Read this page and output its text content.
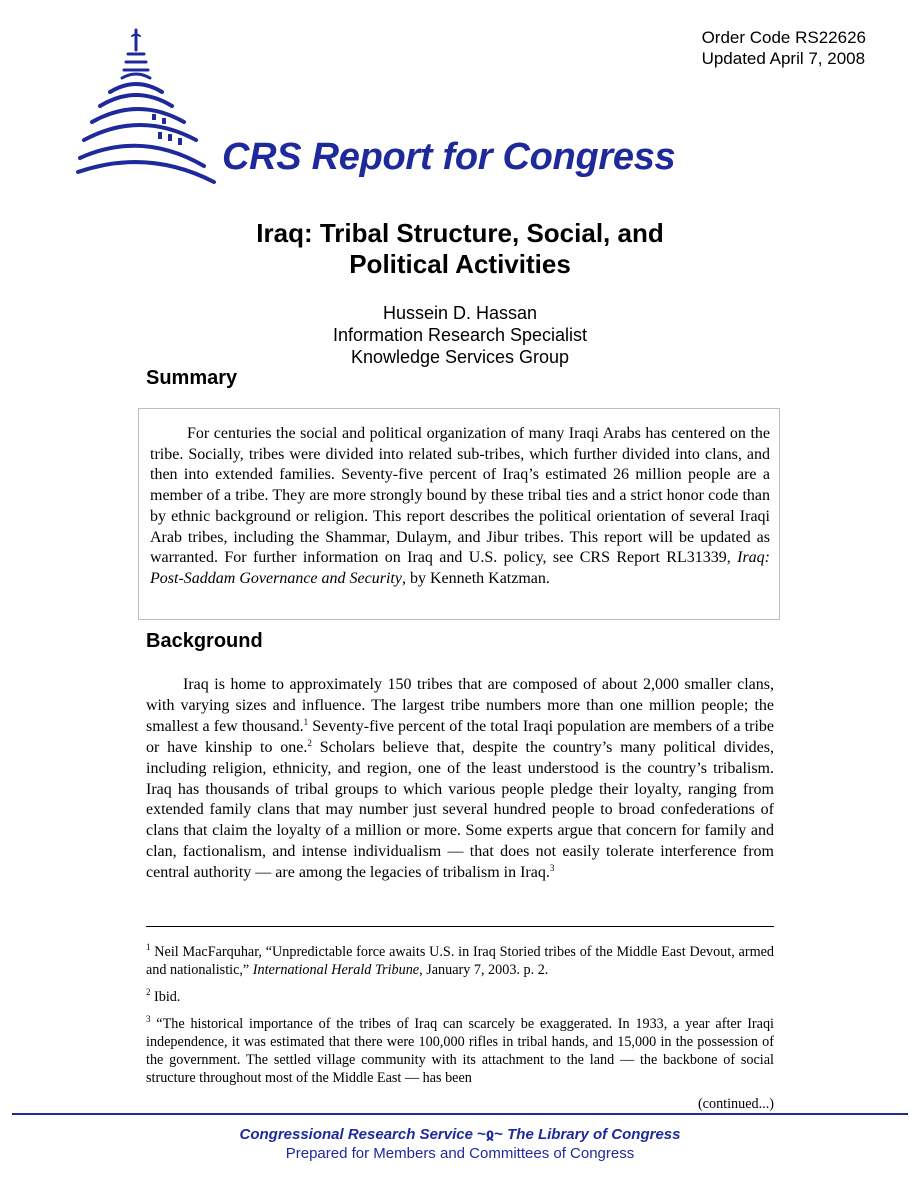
Order Code RS22626
Updated April 7, 2008
CRS Report for Congress
Iraq: Tribal Structure, Social, and
Political Activities
Hussein D. Hassan
Information Research Specialist
Knowledge Services Group
Summary
For centuries the social and political organization of many Iraqi Arabs has centered on the tribe. Socially, tribes were divided into related sub-tribes, which further divided into clans, and then into extended families. Seventy-five percent of Iraq’s estimated 26 million people are a member of a tribe. They are more strongly bound by these tribal ties and a strict honor code than by ethnic background or religion. This report describes the political orientation of several Iraqi Arab tribes, including the Shammar, Dulaym, and Jibur tribes. This report will be updated as warranted. For further information on Iraq and U.S. policy, see CRS Report RL31339, Iraq: Post-Saddam Governance and Security, by Kenneth Katzman.
Background
Iraq is home to approximately 150 tribes that are composed of about 2,000 smaller clans, with varying sizes and influence. The largest tribe numbers more than one million people; the smallest a few thousand.$^1$ Seventy-five percent of the total Iraqi population are members of a tribe or have kinship to one.$^2$ Scholars believe that, despite the country’s many political divides, including religion, ethnicity, and region, one of the least understood is the country’s tribalism. Iraq has thousands of tribal groups to which various people pledge their loyalty, ranging from extended family clans that may number just several hundred people to broad confederations of clans that claim the loyalty of a million or more. Some experts argue that concern for family and clan, factionalism, and intense individualism — that does not easily tolerate interference from central authority — are among the legacies of tribalism in Iraq.$^3$

$^1$ Neil MacFarquhar, “Unpredictable force awaits U.S. in Iraq Storied tribes of the Middle East Devout, armed and nationalistic,” International Herald Tribune, January 7, 2003. p. 2.

$^2$ Ibid.

$^3$ “The historical importance of the tribes of Iraq can scarcely be exaggerated. In 1933, a year after Iraqi independence, it was estimated that there were 100,000 rifles in tribal hands, and 15,000 in the possession of the government. The settled village community with its attachment to the land — the backbone of social structure throughout most of the Middle East — has been

(continued...)
Congressional Research Service ~ჲ~ The Library of Congress
Prepared for Members and Committees of Congress
